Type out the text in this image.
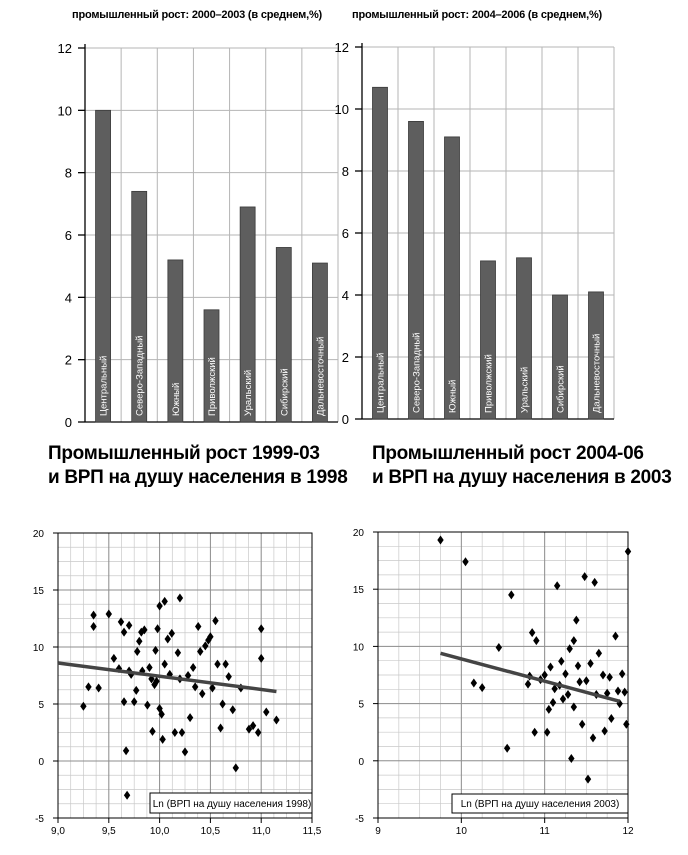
промышленный рост: 2000–2003 (в среднем,%)	промышленный рост: 2004–2006 (в среднем,%)
Промышленный рост 1999-03
и ВРП на душу населения в 1998
Промышленный рост 2004-06
и ВРП на душу населения в 2003
0
2
4
6
8
10
12
Центральный	Северо-Западный	Южный	Приволжский	Уральский	Сибирский	Дальневосточный
0
2
4
6
8
10
12
Центральный	Северо-Западный	Южный	Приволжский	Уральский	Сибирский	Дальневосточный
-5
0
5
10
15
20
9,0	9,5	10,0	10,5	11,0	11,5
Ln (ВРП на душу населения 1998)
-5
0
5
10
15
20
9	10	11	12
Ln (ВРП на душу населения 2003)
